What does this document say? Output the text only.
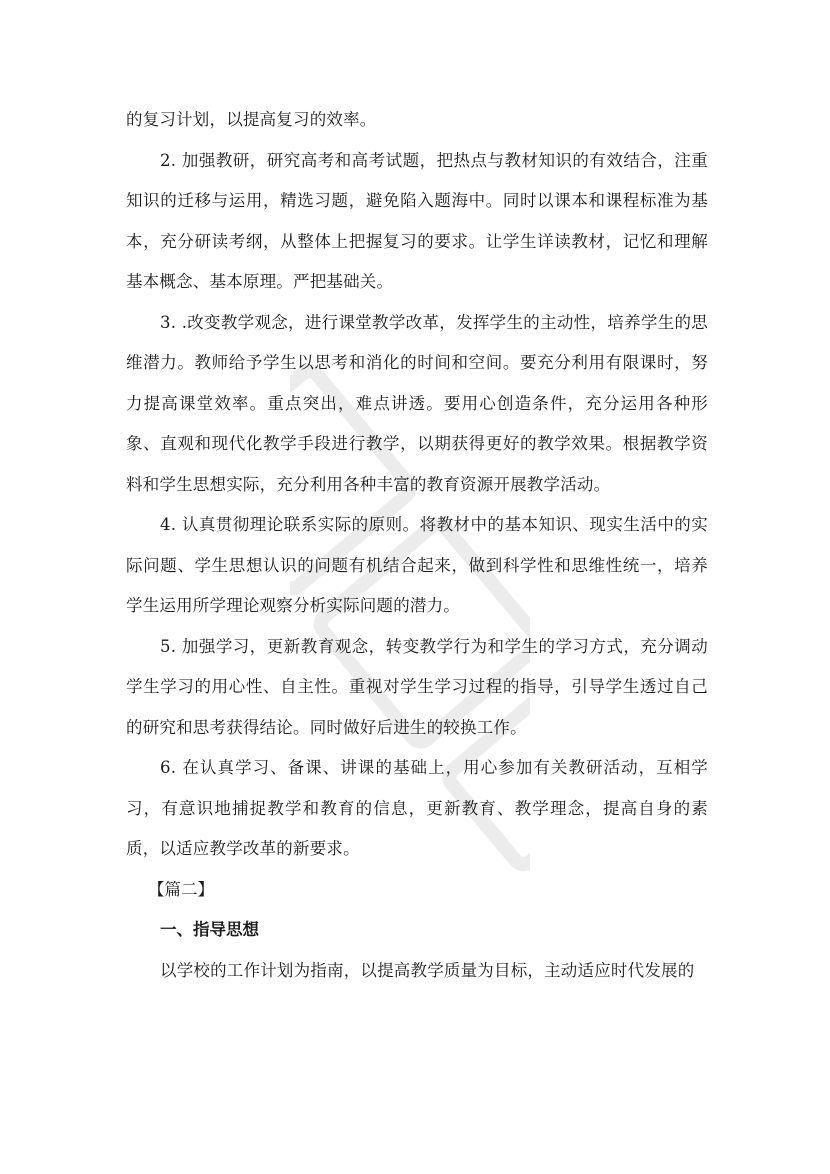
的复习计划，以提高复习的效率。

2. 加强教研，研究高考和高考试题，把热点与教材知识的有效结合，注重知识的迁移与运用，精选习题，避免陷入题海中。同时以课本和课程标准为基本，充分研读考纲，从整体上把握复习的要求。让学生详读教材，记忆和理解基本概念、基本原理。严把基础关。

3. .改变教学观念，进行课堂教学改革，发挥学生的主动性，培养学生的思维潜力。教师给予学生以思考和消化的时间和空间。要充分利用有限课时，努力提高课堂效率。重点突出，难点讲透。要用心创造条件，充分运用各种形象、直观和现代化教学手段进行教学，以期获得更好的教学效果。根据教学资料和学生思想实际，充分利用各种丰富的教育资源开展教学活动。

4. 认真贯彻理论联系实际的原则。将教材中的基本知识、现实生活中的实际问题、学生思想认识的问题有机结合起来，做到科学性和思维性统一，培养学生运用所学理论观察分析实际问题的潜力。

5. 加强学习，更新教育观念，转变教学行为和学生的学习方式，充分调动学生学习的用心性、自主性。重视对学生学习过程的指导，引导学生透过自己的研究和思考获得结论。同时做好后进生的较换工作。

6. 在认真学习、备课、讲课的基础上，用心参加有关教研活动，互相学习，有意识地捕捉教学和教育的信息，更新教育、教学理念，提高自身的素质，以适应教学改革的新要求。

【篇二】

一、指导思想

以学校的工作计划为指南，以提高教学质量为目标，主动适应时代发展的
